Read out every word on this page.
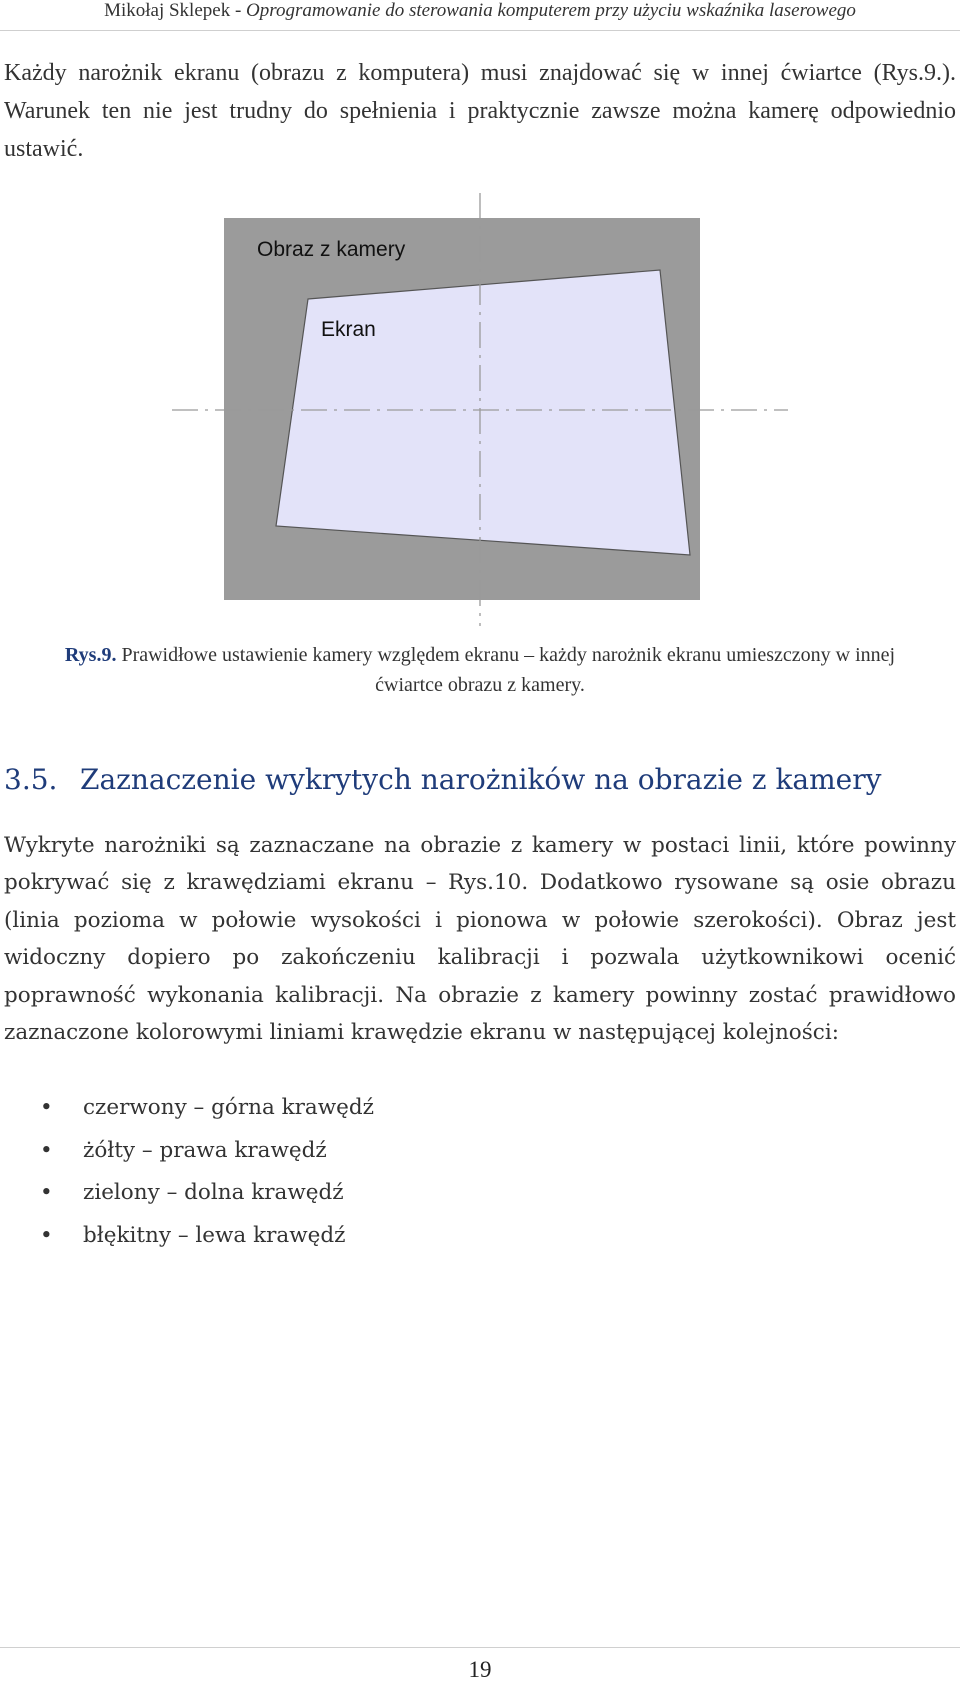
Mikołaj Sklepek - Oprogramowanie do sterowania komputerem przy użyciu wskaźnika laserowego
Każdy narożnik ekranu (obrazu z komputera) musi znajdować się w innej ćwiartce (Rys.9.). Warunek ten nie jest trudny do spełnienia i praktycznie zawsze można kamerę odpowiednio ustawić.
Obraz z kamery
Ekran
Rys.9. Prawidłowe ustawienie kamery względem ekranu – każdy narożnik ekranu umieszczony w innej ćwiartce obrazu z kamery.
3.5. Zaznaczenie wykrytych narożników na obrazie z kamery
Wykryte narożniki są zaznaczane na obrazie z kamery w postaci linii, które powinny pokrywać się z krawędziami ekranu – Rys.10. Dodatkowo rysowane są osie obrazu (linia pozioma w połowie wysokości i pionowa w połowie szerokości). Obraz jest widoczny dopiero po zakończeniu kalibracji i pozwala użytkownikowi ocenić poprawność wykonania kalibracji. Na obrazie z kamery powinny zostać prawidłowo zaznaczone kolorowymi liniami krawędzie ekranu w następującej kolejności:
• czerwony – górna krawędź
• żółty – prawa krawędź
• zielony – dolna krawędź
• błękitny – lewa krawędź
19
